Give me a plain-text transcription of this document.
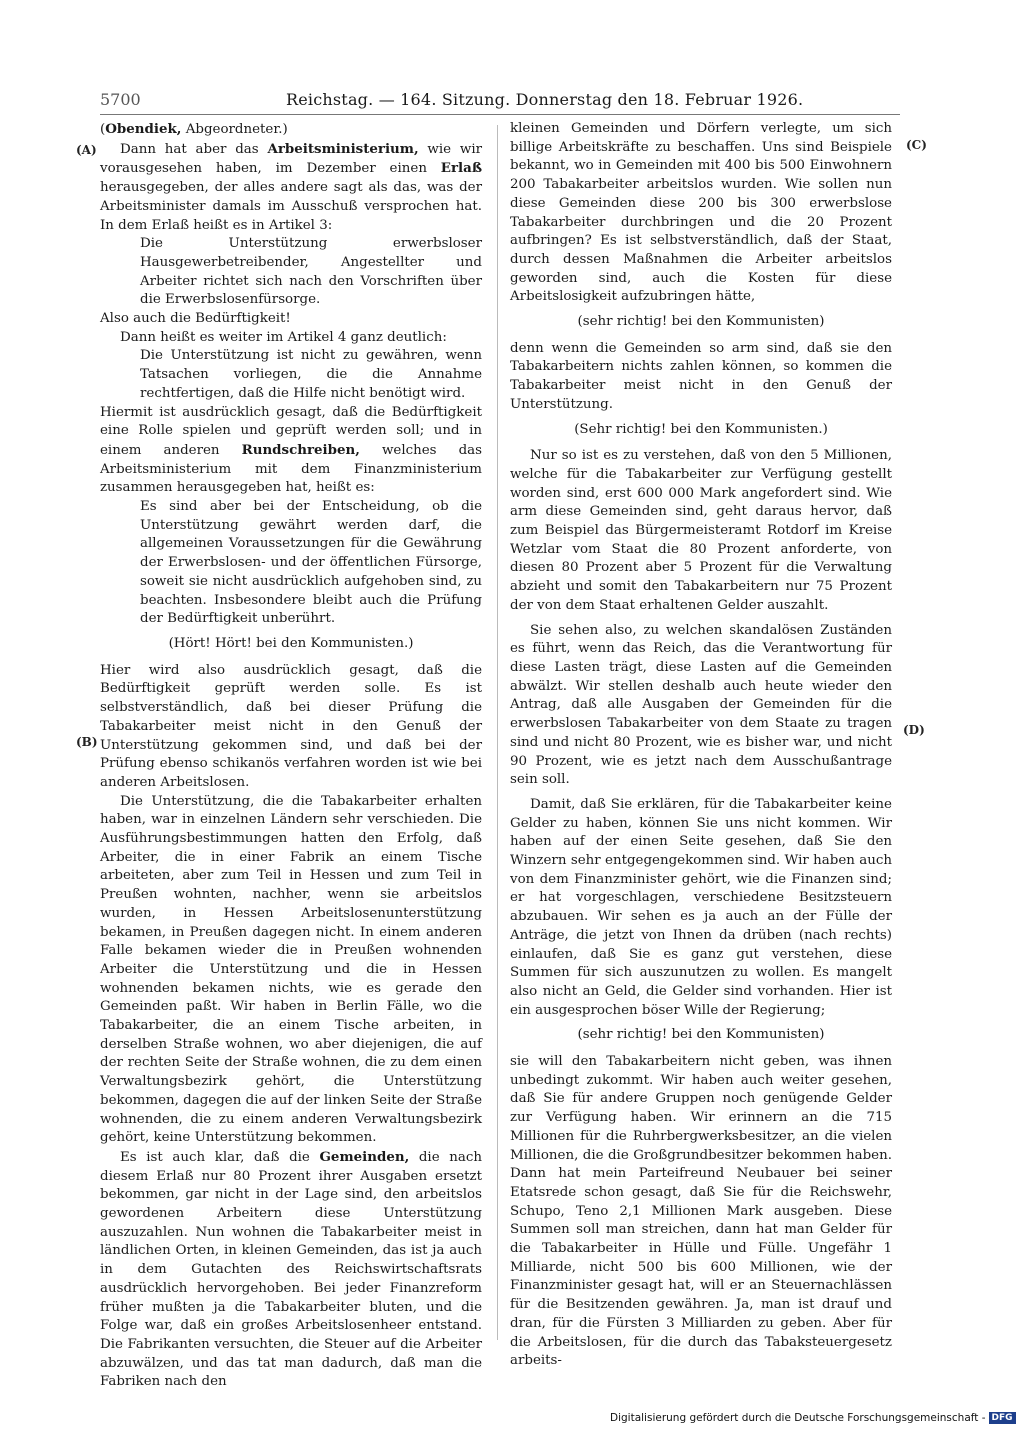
5700	Reichstag. — 164. Sitzung. Donnerstag den 18. Februar 1926.
(A)
(B)
(C)
(D)

(Obendiek, Abgeordneter.)

Dann hat aber das Arbeitsministerium, wie wir vorausgesehen haben, im Dezember einen Erlaß herausgegeben, der alles andere sagt als das, was der Arbeitsminister damals im Ausschuß versprochen hat. In dem Erlaß heißt es in Artikel 3:

Die Unterstützung erwerbsloser Hausgewerbetreibender, Angestellter und Arbeiter richtet sich nach den Vorschriften über die Erwerbslosenfürsorge.

Also auch die Bedürftigkeit!

Dann heißt es weiter im Artikel 4 ganz deutlich:

Die Unterstützung ist nicht zu gewähren, wenn Tatsachen vorliegen, die die Annahme rechtfertigen, daß die Hilfe nicht benötigt wird.

Hiermit ist ausdrücklich gesagt, daß die Bedürftigkeit eine Rolle spielen und geprüft werden soll; und in einem anderen Rundschreiben, welches das Arbeitsministerium mit dem Finanzministerium zusammen herausgegeben hat, heißt es:

Es sind aber bei der Entscheidung, ob die Unterstützung gewährt werden darf, die allgemeinen Voraussetzungen für die Gewährung der Erwerbslosen- und der öffentlichen Fürsorge, soweit sie nicht ausdrücklich aufgehoben sind, zu beachten. Insbesondere bleibt auch die Prüfung der Bedürftigkeit unberührt.

(Hört! Hört! bei den Kommunisten.)

Hier wird also ausdrücklich gesagt, daß die Bedürftigkeit geprüft werden solle. Es ist selbstverständlich, daß bei dieser Prüfung die Tabakarbeiter meist nicht in den Genuß der Unterstützung gekommen sind, und daß bei der Prüfung ebenso schikanös verfahren worden ist wie bei anderen Arbeitslosen.

Die Unterstützung, die die Tabakarbeiter erhalten haben, war in einzelnen Ländern sehr verschieden. Die Ausführungsbestimmungen hatten den Erfolg, daß Arbeiter, die in einer Fabrik an einem Tische arbeiteten, aber zum Teil in Hessen und zum Teil in Preußen wohnten, nachher, wenn sie arbeitslos wurden, in Hessen Arbeitslosenunterstützung bekamen, in Preußen dagegen nicht. In einem anderen Falle bekamen wieder die in Preußen wohnenden Arbeiter die Unterstützung und die in Hessen wohnenden bekamen nichts, wie es gerade den Gemeinden paßt. Wir haben in Berlin Fälle, wo die Tabakarbeiter, die an einem Tische arbeiten, in derselben Straße wohnen, wo aber diejenigen, die auf der rechten Seite der Straße wohnen, die zu dem einen Verwaltungsbezirk gehört, die Unterstützung bekommen, dagegen die auf der linken Seite der Straße wohnenden, die zu einem anderen Verwaltungsbezirk gehört, keine Unterstützung bekommen.

Es ist auch klar, daß die Gemeinden, die nach diesem Erlaß nur 80 Prozent ihrer Ausgaben ersetzt bekommen, gar nicht in der Lage sind, den arbeitslos gewordenen Arbeitern diese Unterstützung auszuzahlen. Nun wohnen die Tabakarbeiter meist in ländlichen Orten, in kleinen Gemeinden, das ist ja auch in dem Gutachten des Reichswirtschaftsrats ausdrücklich hervorgehoben. Bei jeder Finanzreform früher mußten ja die Tabakarbeiter bluten, und die Folge war, daß ein großes Arbeitslosenheer entstand. Die Fabrikanten versuchten, die Steuer auf die Arbeiter abzuwälzen, und das tat man dadurch, daß man die Fabriken nach den

kleinen Gemeinden und Dörfern verlegte, um sich billige Arbeitskräfte zu beschaffen. Uns sind Beispiele bekannt, wo in Gemeinden mit 400 bis 500 Einwohnern 200 Tabakarbeiter arbeitslos wurden. Wie sollen nun diese Gemeinden diese 200 bis 300 erwerbslose Tabakarbeiter durchbringen und die 20 Prozent aufbringen? Es ist selbstverständlich, daß der Staat, durch dessen Maßnahmen die Arbeiter arbeitslos geworden sind, auch die Kosten für diese Arbeitslosigkeit aufzubringen hätte,

(sehr richtig! bei den Kommunisten)

denn wenn die Gemeinden so arm sind, daß sie den Tabakarbeitern nichts zahlen können, so kommen die Tabakarbeiter meist nicht in den Genuß der Unterstützung.

(Sehr richtig! bei den Kommunisten.)

Nur so ist es zu verstehen, daß von den 5 Millionen, welche für die Tabakarbeiter zur Verfügung gestellt worden sind, erst 600 000 Mark angefordert sind. Wie arm diese Gemeinden sind, geht daraus hervor, daß zum Beispiel das Bürgermeisteramt Rotdorf im Kreise Wetzlar vom Staat die 80 Prozent anforderte, von diesen 80 Prozent aber 5 Prozent für die Verwaltung abzieht und somit den Tabakarbeitern nur 75 Prozent der von dem Staat erhaltenen Gelder auszahlt.

Sie sehen also, zu welchen skandalösen Zuständen es führt, wenn das Reich, das die Verantwortung für diese Lasten trägt, diese Lasten auf die Gemeinden abwälzt. Wir stellen deshalb auch heute wieder den Antrag, daß alle Ausgaben der Gemeinden für die erwerbslosen Tabakarbeiter von dem Staate zu tragen sind und nicht 80 Prozent, wie es bisher war, und nicht 90 Prozent, wie es jetzt nach dem Ausschußantrage sein soll.

Damit, daß Sie erklären, für die Tabakarbeiter keine Gelder zu haben, können Sie uns nicht kommen. Wir haben auf der einen Seite gesehen, daß Sie den Winzern sehr entgegengekommen sind. Wir haben auch von dem Finanzminister gehört, wie die Finanzen sind; er hat vorgeschlagen, verschiedene Besitzsteuern abzubauen. Wir sehen es ja auch an der Fülle der Anträge, die jetzt von Ihnen da drüben (nach rechts) einlaufen, daß Sie es ganz gut verstehen, diese Summen für sich auszunutzen zu wollen. Es mangelt also nicht an Geld, die Gelder sind vorhanden. Hier ist ein ausgesprochen böser Wille der Regierung;

(sehr richtig! bei den Kommunisten)

sie will den Tabakarbeitern nicht geben, was ihnen unbedingt zukommt. Wir haben auch weiter gesehen, daß Sie für andere Gruppen noch genügende Gelder zur Verfügung haben. Wir erinnern an die 715 Millionen für die Ruhrbergwerksbesitzer, an die vielen Millionen, die die Großgrundbesitzer bekommen haben. Dann hat mein Parteifreund Neubauer bei seiner Etatsrede schon gesagt, daß Sie für die Reichswehr, Schupo, Teno 2,1 Millionen Mark ausgeben. Diese Summen soll man streichen, dann hat man Gelder für die Tabakarbeiter in Hülle und Fülle. Ungefähr 1 Milliarde, nicht 500 bis 600 Millionen, wie der Finanzminister gesagt hat, will er an Steuernachlässen für die Besitzenden gewähren. Ja, man ist drauf und dran, für die Fürsten 3 Milliarden zu geben. Aber für die Arbeitslosen, für die durch das Tabaksteuergesetz arbeits-

Digitalisierung gefördert durch die Deutsche Forschungsgemeinschaft - DFG
